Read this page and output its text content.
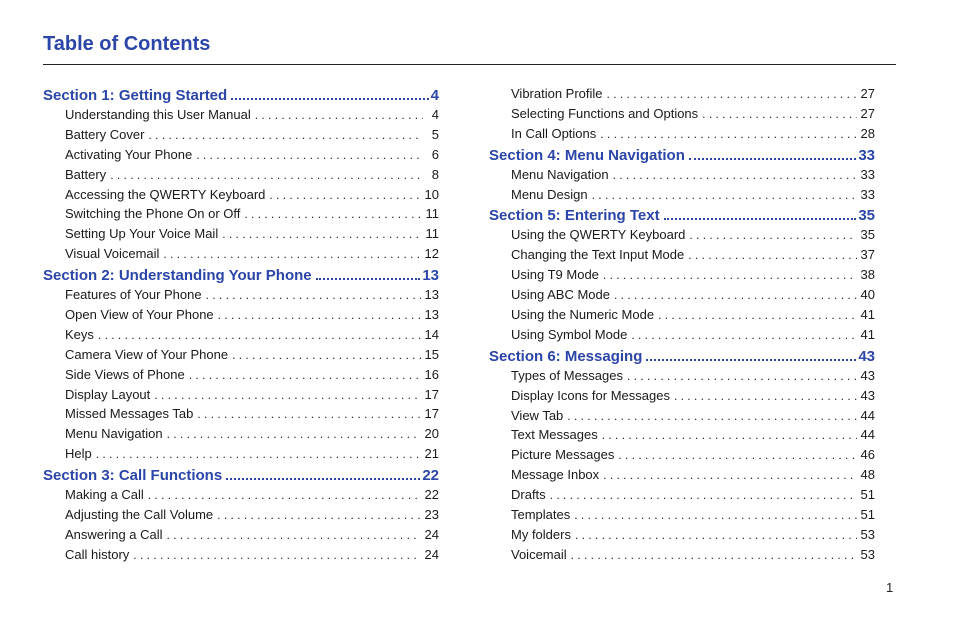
Table of Contents
Section 1: Getting Started	4
Understanding this User Manual . . .	4
Battery Cover . . .	5
Activating Your Phone . . .	6
Battery . . .	8
Accessing the QWERTY Keyboard . . .	10
Switching the Phone On or Off . . .	11
Setting Up Your Voice Mail . . .	11
Visual Voicemail . . .	12
Section 2: Understanding Your Phone	13
Features of Your Phone . . .	13
Open View of Your Phone . . .	13
Keys . . .	14
Camera View of Your Phone . . .	15
Side Views of Phone . . .	16
Display Layout . . .	17
Missed Messages Tab . . .	17
Menu Navigation . . .	20
Help . . .	21
Section 3: Call Functions	22
Making a Call . . .	22
Adjusting the Call Volume . . .	23
Answering a Call . . .	24
Call history . . .	24
Vibration Profile . . .	27
Selecting Functions and Options . . .	27
In Call Options . . .	28
Section 4: Menu Navigation	33
Menu Navigation . . .	33
Menu Design . . .	33
Section 5: Entering Text	35
Using the QWERTY Keyboard . . .	35
Changing the Text Input Mode . . .	37
Using T9 Mode . . .	38
Using ABC Mode . . .	40
Using the Numeric Mode . . .	41
Using Symbol Mode . . .	41
Section 6: Messaging	43
Types of Messages . . .	43
Display Icons for Messages . . .	43
View Tab . . .	44
Text Messages . . .	44
Picture Messages . . .	46
Message Inbox . . .	48
Drafts . . .	51
Templates . . .	51
My folders . . .	53
Voicemail . . .	53
1
